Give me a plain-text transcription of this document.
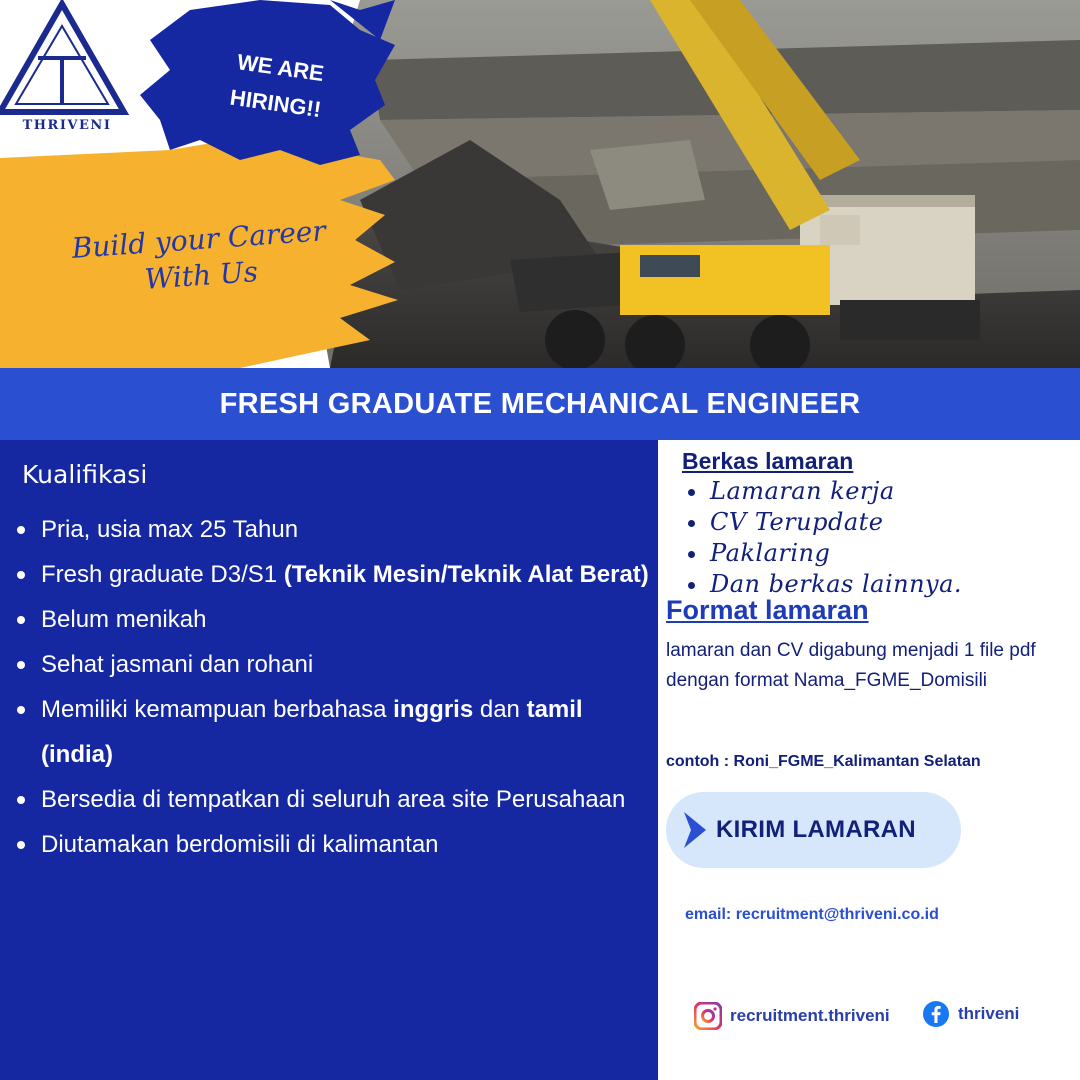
THRIVENI
WE ARE
HIRING!!
Build your Career
With Us
FRESH GRADUATE MECHANICAL ENGINEER
Kualifikasi
Pria, usia max 25 Tahun
Fresh graduate D3/S1 (Teknik Mesin/Teknik Alat Berat)
Belum menikah
Sehat jasmani dan rohani
Memiliki kemampuan berbahasa inggris dan tamil (india)
Bersedia di tempatkan di seluruh area site Perusahaan
Diutamakan berdomisili di kalimantan
Berkas lamaran
Lamaran kerja
CV Terupdate
Paklaring
Dan berkas lainnya.
Format lamaran
lamaran dan CV digabung menjadi 1 file pdf dengan format Nama_FGME_Domisili
contoh : Roni_FGME_Kalimantan Selatan
KIRIM LAMARAN
email: recruitment@thriveni.co.id
recruitment.thriveni	thriveni
